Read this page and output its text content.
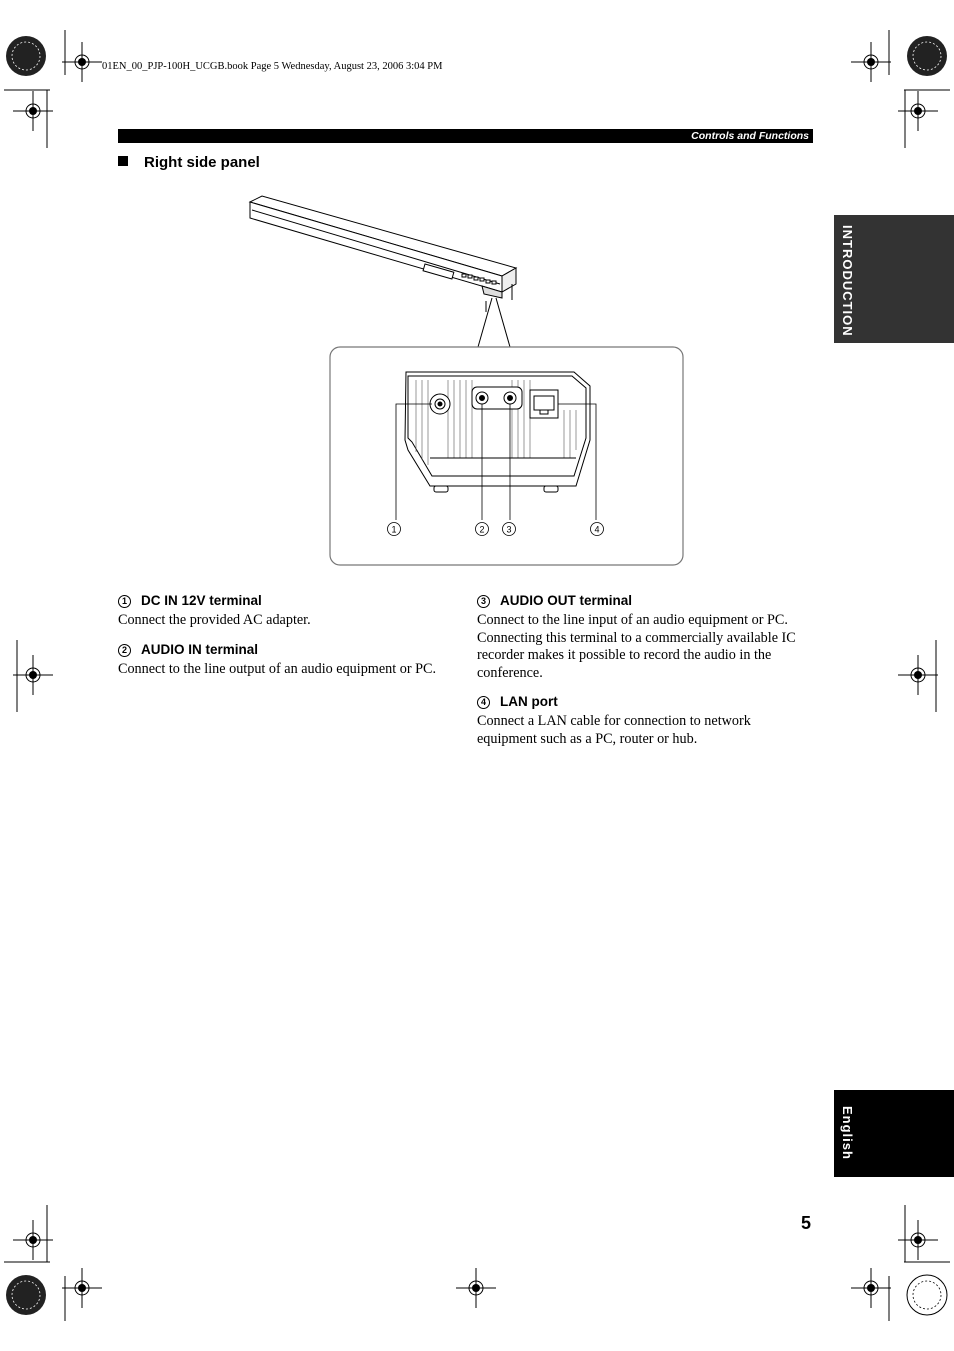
01EN_00_PJP-100H_UCGB.book Page 5 Wednesday, August 23, 2006 3:04 PM
Controls and Functions
Right side panel
INTRODUCTION
1	2 3	4
1 DC IN 12V terminal
Connect the provided AC adapter.
2 AUDIO IN terminal
Connect to the line output of an audio equipment or PC.
3 AUDIO OUT terminal
Connect to the line input of an audio equipment or PC. Connecting this terminal to a commercially available IC recorder makes it possible to record the audio in the conference.
4 LAN port
Connect a LAN cable for connection to network equipment such as a PC, router or hub.
English
5
